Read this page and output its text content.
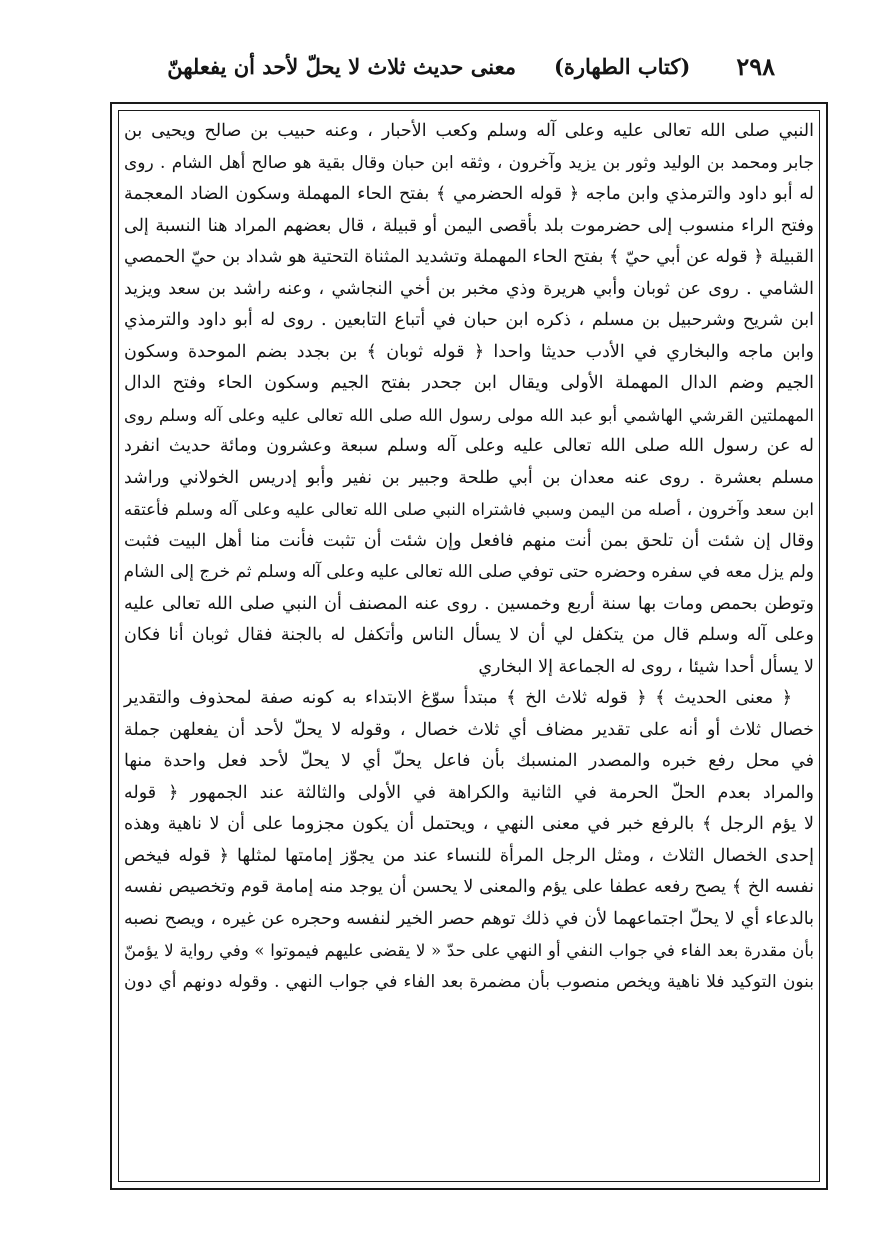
٢٩٨
(كتاب الطهارة)
معنى حديث ثلاث لا يحلّ لأحد أن يفعلهنّ
النبي صلى الله تعالى عليه وعلى آله وسلم وكعب الأحبار ، وعنه حبيب بن صالح ويحيى بن
جابر ومحمد بن الوليد وثور بن يزيد وآخرون ، وثقه ابن حبان وقال بقية هو صالح أهل الشام . روى
له أبو داود والترمذي وابن ماجه ﴿ قوله الحضرمي ﴾ بفتح الحاء المهملة وسكون الضاد المعجمة
وفتح الراء منسوب إلى حضرموت بلد بأقصى اليمن أو قبيلة ، قال بعضهم المراد هنا النسبة إلى
القبيلة ﴿ قوله عن أبي حيّ ﴾ بفتح الحاء المهملة وتشديد المثناة التحتية هو شداد بن حيّ الحمصي
الشامي . روى عن ثوبان وأبي هريرة وذي مخبر بن أخي النجاشي ، وعنه راشد بن سعد ويزيد
ابن شريح وشرحبيل بن مسلم ، ذكره ابن حبان في أتباع التابعين . روى له أبو داود والترمذي
وابن ماجه والبخاري في الأدب حديثا واحدا ﴿ قوله ثوبان ﴾ بن بجدد بضم الموحدة وسكون
الجيم وضم الدال المهملة الأولى ويقال ابن جحدر بفتح الجيم وسكون الحاء وفتح الدال
المهملتين القرشي الهاشمي أبو عبد الله مولى رسول الله صلى الله تعالى عليه وعلى آله وسلم روى
له عن رسول الله صلى الله تعالى عليه وعلى آله وسلم سبعة وعشرون ومائة حديث انفرد
مسلم بعشرة . روى عنه معدان بن أبي طلحة وجبير بن نفير وأبو إدريس الخولاني وراشد
ابن سعد وآخرون ، أصله من اليمن وسبي فاشتراه النبي صلى الله تعالى عليه وعلى آله وسلم فأعتقه
وقال إن شئت أن تلحق بمن أنت منهم فافعل وإن شئت أن تثبت فأنت منا أهل البيت فثبت
ولم يزل معه في سفره وحضره حتى توفي صلى الله تعالى عليه وعلى آله وسلم ثم خرج إلى الشام
وتوطن بحمص ومات بها سنة أربع وخمسين . روى عنه المصنف أن النبي صلى الله تعالى عليه
وعلى آله وسلم قال من يتكفل لي أن لا يسأل الناس وأتكفل له بالجنة فقال ثوبان أنا فكان
لا يسأل أحدا شيئا ، روى له الجماعة إلا البخاري
﴿ معنى الحديث ﴾ ﴿ قوله ثلاث الخ ﴾ مبتدأ سوّغ الابتداء به كونه صفة لمحذوف والتقدير
خصال ثلاث أو أنه على تقدير مضاف أي ثلاث خصال ، وقوله لا يحلّ لأحد أن يفعلهن جملة
في محل رفع خبره والمصدر المنسبك بأن فاعل يحلّ أي لا يحلّ لأحد فعل واحدة منها
والمراد بعدم الحلّ الحرمة في الثانية والكراهة في الأولى والثالثة عند الجمهور ﴿ قوله
لا يؤم الرجل ﴾ بالرفع خبر في معنى النهي ، ويحتمل أن يكون مجزوما على أن لا ناهية وهذه
إحدى الخصال الثلاث ، ومثل الرجل المرأة للنساء عند من يجوّز إمامتها لمثلها ﴿ قوله فيخص
نفسه الخ ﴾ يصح رفعه عطفا على يؤم والمعنى لا يحسن أن يوجد منه إمامة قوم وتخصيص نفسه
بالدعاء أي لا يحلّ اجتماعهما لأن في ذلك توهم حصر الخير لنفسه وحجره عن غيره ، ويصح نصبه
بأن مقدرة بعد الفاء في جواب النفي أو النهي على حدّ « لا يقضى عليهم فيموتوا » وفي رواية لا يؤمنّ
بنون التوكيد فلا ناهية ويخص منصوب بأن مضمرة بعد الفاء في جواب النهي . وقوله دونهم أي دون
